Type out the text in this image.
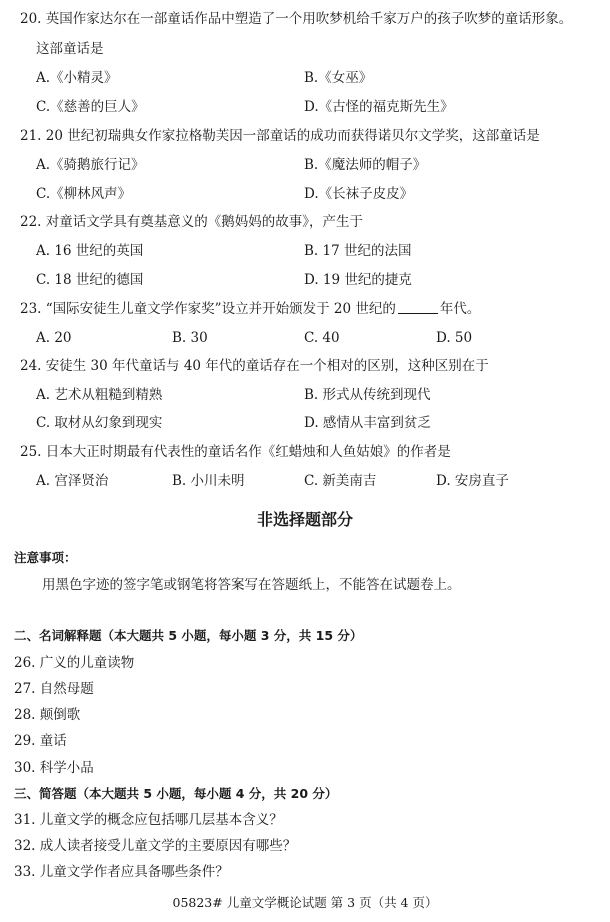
20. 英国作家达尔在一部童话作品中塑造了一个用吹梦机给千家万户的孩子吹梦的童话形象。
这部童话是
A.《小精灵》	B.《女巫》
C.《慈善的巨人》	D.《古怪的福克斯先生》
21. 20 世纪初瑞典女作家拉格勒芙因一部童话的成功而获得诺贝尔文学奖，这部童话是
A.《骑鹅旅行记》	B.《魔法师的帽子》
C.《柳林风声》	D.《长袜子皮皮》
22. 对童话文学具有奠基意义的《鹅妈妈的故事》，产生于
A. 16 世纪的英国	B. 17 世纪的法国
C. 18 世纪的德国	D. 19 世纪的捷克
23. “国际安徒生儿童文学作家奖”设立并开始颁发于 20 世纪的	年代。
A. 20	B. 30	C. 40	D. 50
24. 安徒生 30 年代童话与 40 年代的童话存在一个相对的区别，这种区别在于
A. 艺术从粗糙到精熟	B. 形式从传统到现代
C. 取材从幻象到现实	D. 感情从丰富到贫乏
25. 日本大正时期最有代表性的童话名作《红蜡烛和人鱼姑娘》的作者是
A. 宫泽贤治	B. 小川未明	C. 新美南吉	D. 安房直子
非选择题部分
注意事项：
用黑色字迹的签字笔或钢笔将答案写在答题纸上，不能答在试题卷上。
二、名词解释题（本大题共 5 小题，每小题 3 分，共 15 分）
26. 广义的儿童读物
27. 自然母题
28. 颠倒歌
29. 童话
30. 科学小品
三、简答题（本大题共 5 小题，每小题 4 分，共 20 分）
31. 儿童文学的概念应包括哪几层基本含义？
32. 成人读者接受儿童文学的主要原因有哪些？
33. 儿童文学作者应具备哪些条件？
05823# 儿童文学概论试题 第 3 页（共 4 页）
